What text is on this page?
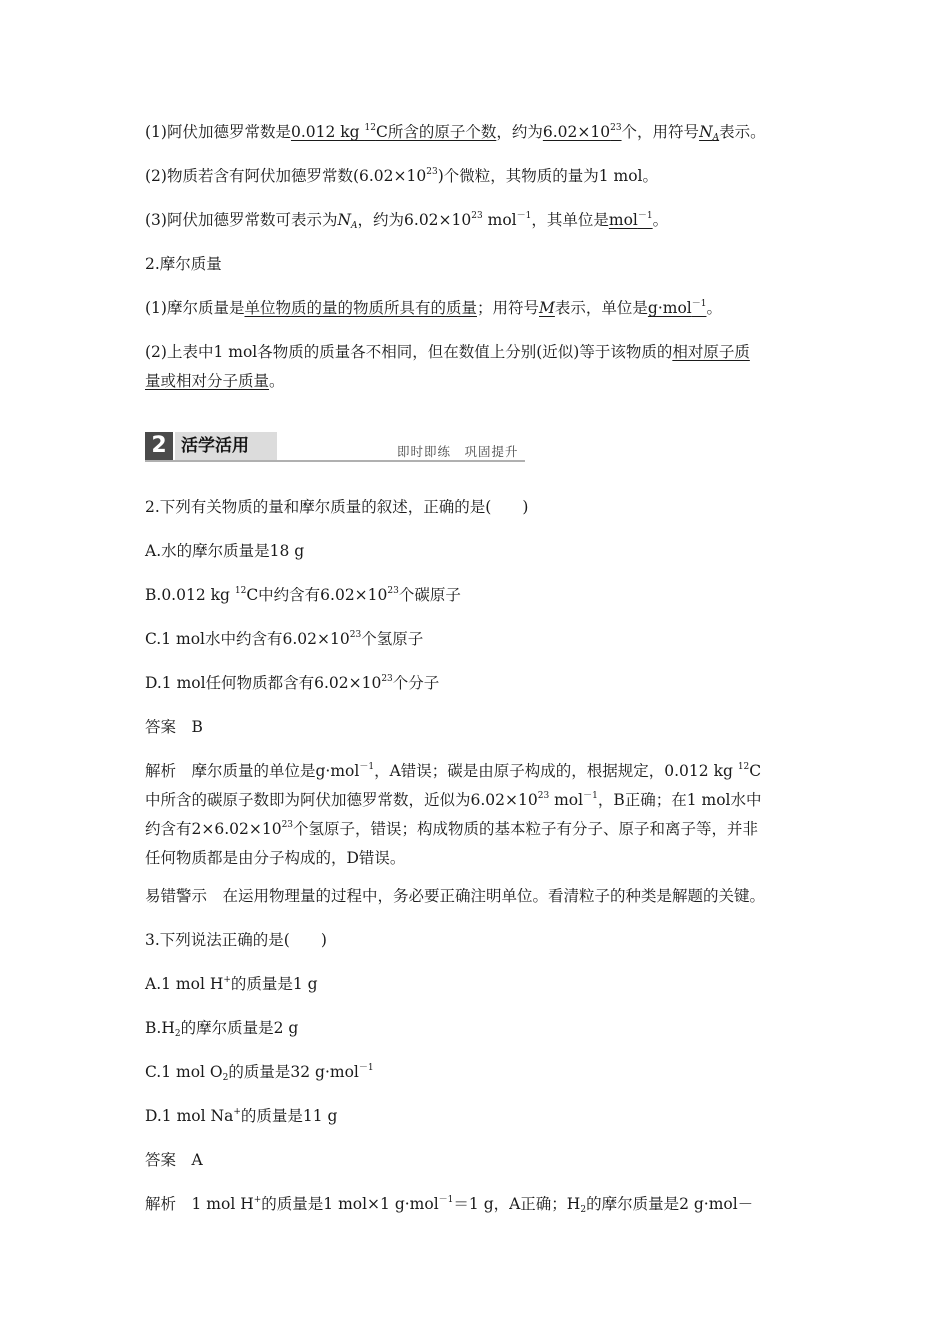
(1)阿伏加德罗常数是0.012 kg $^{12}$C所含的原子个数，约为$6.02\times 10^{23}$个，用符号$N_A$表示。
(2)物质若含有阿伏加德罗常数$(6.02\times 10^{23})$个微粒，其物质的量为1 mol。
(3)阿伏加德罗常数可表示为$N_A$，约为$6.02\times 10^{23}$ mol$^{-1}$，其单位是mol$^{-1}$。
2.摩尔质量
(1)摩尔质量是单位物质的量的物质所具有的质量；用符号M表示，单位是g·mol$^{-1}$。
(2)上表中1 mol各物质的质量各不相同，但在数值上分别(近似)等于该物质的相对原子质
量或相对分子质量。
2 活学活用	即时即练　巩固提升
2.下列有关物质的量和摩尔质量的叙述，正确的是(　　)
A.水的摩尔质量是18 g
B.0.012 kg $^{12}$C中约含有$6.02\times 10^{23}$个碳原子
C.1 mol水中约含有$6.02\times 10^{23}$个氢原子
D.1 mol任何物质都含有$6.02\times 10^{23}$个分子
答案　B
解析　摩尔质量的单位是g·mol$^{-1}$，A错误；碳是由原子构成的，根据规定，0.012 kg $^{12}$C
中所含的碳原子数即为阿伏加德罗常数，近似为$6.02\times 10^{23}$ mol$^{-1}$，B正确；在1 mol水中
约含有$2\times 6.02\times 10^{23}$个氢原子，错误；构成物质的基本粒子有分子、原子和离子等，并非
任何物质都是由分子构成的，D错误。
易错警示　在运用物理量的过程中，务必要正确注明单位。看清粒子的种类是解题的关键。
3.下列说法正确的是(　　)
A.1 mol H+的质量是1 g
$B.H_2$的摩尔质量是2 g
C.1 mol $O_2$的质量是32 g·mol$^{-1}$
D.1 mol Na+的质量是11 g
答案　A
解析　1 mol H+的质量是1 mol×1 g·mol$^{-1}$＝1 g，A正确；$H_2$的摩尔质量是2 g·mol－
